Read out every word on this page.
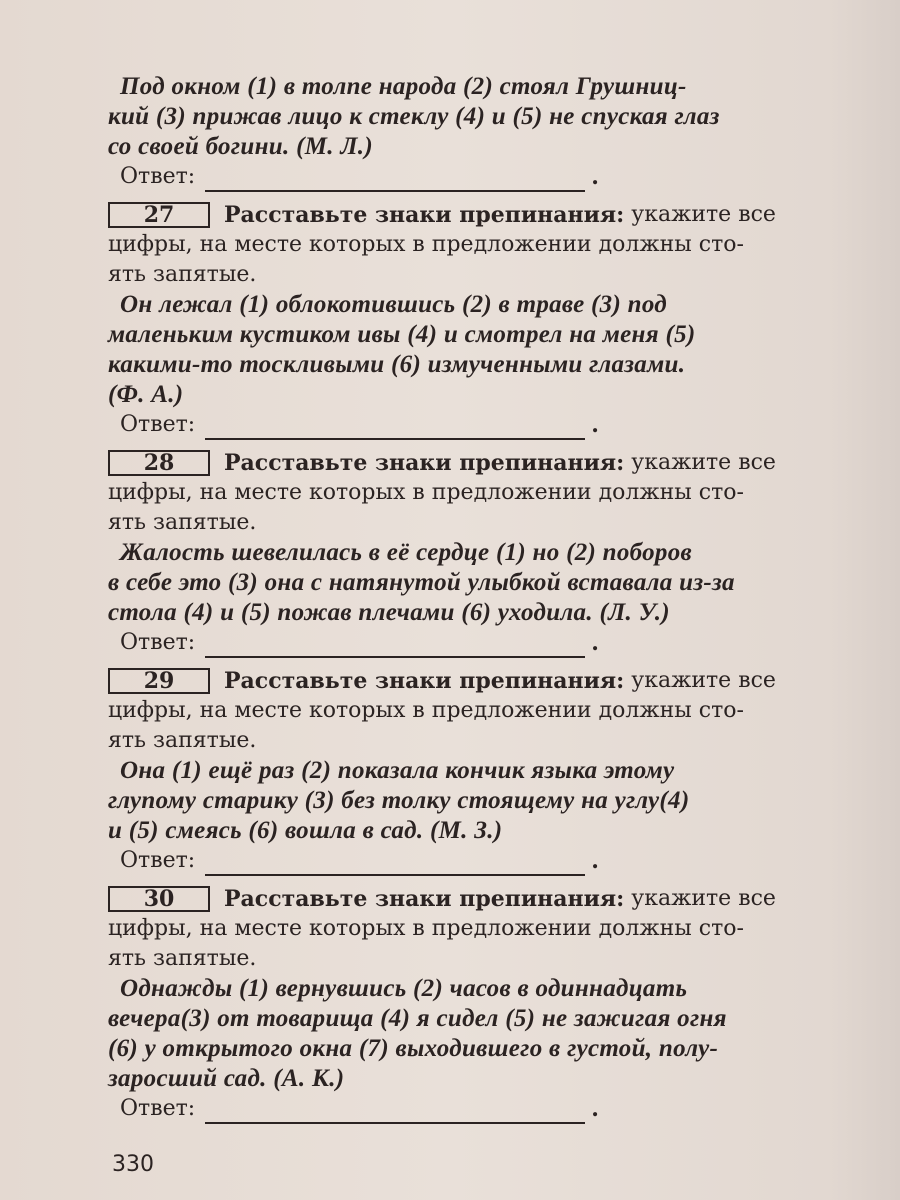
Под окном (1) в толпе народа (2) стоял Грушниц-
кий (3) прижав лицо к стеклу (4) и (5) не спуская глаз
со своей богини. (М. Л.)
Ответ:	.
27	Расставьте знаки препинания:
укажите все
цифры, на месте которых в предложении должны сто-
ять запятые.
Он лежал (1) облокотившись (2) в траве (3) под
маленьким кустиком ивы (4) и смотрел на меня (5)
какими-то тоскливыми (6) измученными глазами.
(Ф. А.)
Ответ:	.
28	Расставьте знаки препинания:
укажите все
цифры, на месте которых в предложении должны сто-
ять запятые.
Жалость шевелилась в её сердце (1) но (2) поборов
в себе это (3) она с натянутой улыбкой вставала из-за
стола (4) и (5) пожав плечами (6) уходила. (Л. У.)
Ответ:	.
29	Расставьте знаки препинания:
укажите все
цифры, на месте которых в предложении должны сто-
ять запятые.
Она (1) ещё раз (2) показала кончик языка этому
глупому старику (3) без толку стоящему на углу(4)
и (5) смеясь (6) вошла в сад. (М. З.)
Ответ:	.
30	Расставьте знаки препинания:
укажите все
цифры, на месте которых в предложении должны сто-
ять запятые.
Однажды (1) вернувшись (2) часов в одиннадцать
вечера(3) от товарища (4) я сидел (5) не зажигая огня
(6) у открытого окна (7) выходившего в густой, полу-
заросший сад. (А. К.)
Ответ:	.
330
